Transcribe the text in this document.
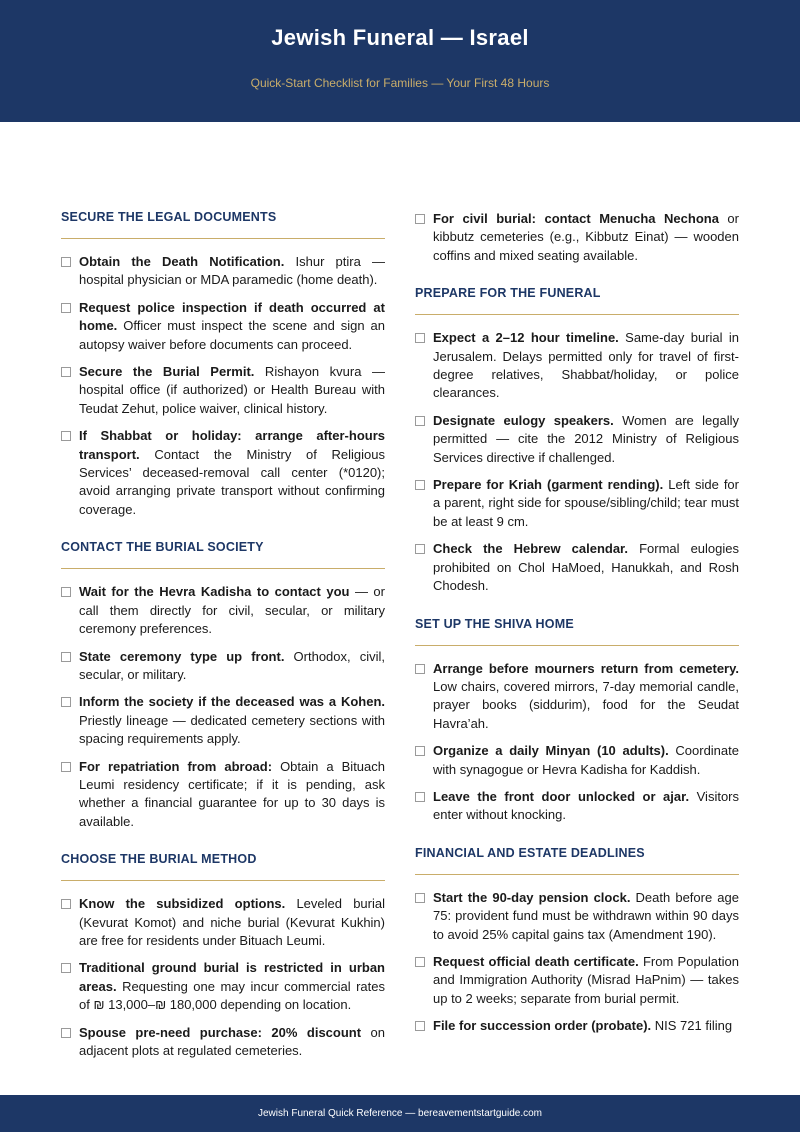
Jewish Funeral — Israel
Quick-Start Checklist for Families — Your First 48 Hours
SECURE THE LEGAL DOCUMENTS
Obtain the Death Notification. Ishur ptira — hospital physician or MDA paramedic (home death).
Request police inspection if death occurred at home. Officer must inspect the scene and sign an autopsy waiver before documents can proceed.
Secure the Burial Permit. Rishayon kvura — hospital office (if authorized) or Health Bureau with Teudat Zehut, police waiver, clinical history.
If Shabbat or holiday: arrange after-hours transport. Contact the Ministry of Religious Services’ deceased-removal call center (*0120); avoid arranging private transport without confirming coverage.
CONTACT THE BURIAL SOCIETY
Wait for the Hevra Kadisha to contact you — or call them directly for civil, secular, or military ceremony preferences.
State ceremony type up front. Orthodox, civil, secular, or military.
Inform the society if the deceased was a Kohen. Priestly lineage — dedicated cemetery sections with spacing requirements apply.
For repatriation from abroad: Obtain a Bituach Leumi residency certificate; if it is pending, ask whether a financial guarantee for up to 30 days is available.
CHOOSE THE BURIAL METHOD
Know the subsidized options. Leveled burial (Kevurat Komot) and niche burial (Kevurat Kukhin) are free for residents under Bituach Leumi.
Traditional ground burial is restricted in urban areas. Requesting one may incur commercial rates of ₪ 13,000–₪ 180,000 depending on location.
Spouse pre-need purchase: 20% discount on adjacent plots at regulated cemeteries.
For civil burial: contact Menucha Nechona or kibbutz cemeteries (e.g., Kibbutz Einat) — wooden coffins and mixed seating available.
PREPARE FOR THE FUNERAL
Expect a 2–12 hour timeline. Same-day burial in Jerusalem. Delays permitted only for travel of first-degree relatives, Shabbat/holiday, or police clearances.
Designate eulogy speakers. Women are legally permitted — cite the 2012 Ministry of Religious Services directive if challenged.
Prepare for Kriah (garment rending). Left side for a parent, right side for spouse/sibling/child; tear must be at least 9 cm.
Check the Hebrew calendar. Formal eulogies prohibited on Chol HaMoed, Hanukkah, and Rosh Chodesh.
SET UP THE SHIVA HOME
Arrange before mourners return from cemetery. Low chairs, covered mirrors, 7-day memorial candle, prayer books (siddurim), food for the Seudat Havra’ah.
Organize a daily Minyan (10 adults). Coordinate with synagogue or Hevra Kadisha for Kaddish.
Leave the front door unlocked or ajar. Visitors enter without knocking.
FINANCIAL AND ESTATE DEADLINES
Start the 90-day pension clock. Death before age 75: provident fund must be withdrawn within 90 days to avoid 25% capital gains tax (Amendment 190).
Request official death certificate. From Population and Immigration Authority (Misrad HaPnim) — takes up to 2 weeks; separate from burial permit.
File for succession order (probate). NIS 721 filing
Jewish Funeral Quick Reference — bereavementstartguide.com
